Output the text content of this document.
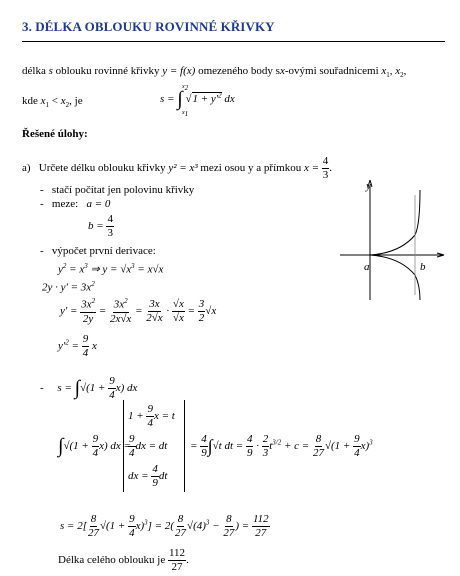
3. DÉLKA OBLOUKU ROVINNÉ KŘIVKY
délka s oblouku rovinné křivky y = f(x) omezeného body sx-ovými souřadnicemi $x_1$, $x_2$,
kde $x_1 < x_2$, je	s = ∫
$x_2$
$x_1$
$√1 + y'^2$ dx
Řešené úlohy:
a) Určete délku oblouku křivky y² = x³ mezi osou y a přímkou $x = \frac{4}{3}$ .
-   stačí počítat jen polovinu křivky
-   meze: a = 0
$b = \frac{4}{3}$
-   výpočet první derivace:
$y^2 = x^3$ ⇒ $y = √x^3 = x√x$
$2y \cdot y' = 3x^2$
$y' = \frac{3x^2}{2y} = \frac{3x^2}{2x√x} = \frac{3x}{2√x} \cdot \frac{√x}{√x} = \frac{3}{2} √x$
$y'^2 = \frac{9}{4}$ x
-     $s = \int√(1 + \frac{9}{4} x)$ dx
$\int√(1 + \frac{9}{4} x)$ dx =
$1 + \frac{9}{4}$ x = t
$\frac{9}{4}$ dx = dt
dx = $\frac{4}{9}$ dt
= $\frac{4}{9} \int√t$ dt = $\frac{4}{9} \cdot \frac{2}{3} t^{3/2} + c = \frac{8}{27} √(1 + \frac{9}{4} x)^3$
$s = 2[ \frac{8}{27} √(1 + \frac{9}{4} x)^3] = 2( \frac{8}{27} √(4)^3 - \frac{8}{27}$ ) = $\frac{112}{27}$
Délka celého oblouku je $\frac{112}{27}$ .
y
a	b
